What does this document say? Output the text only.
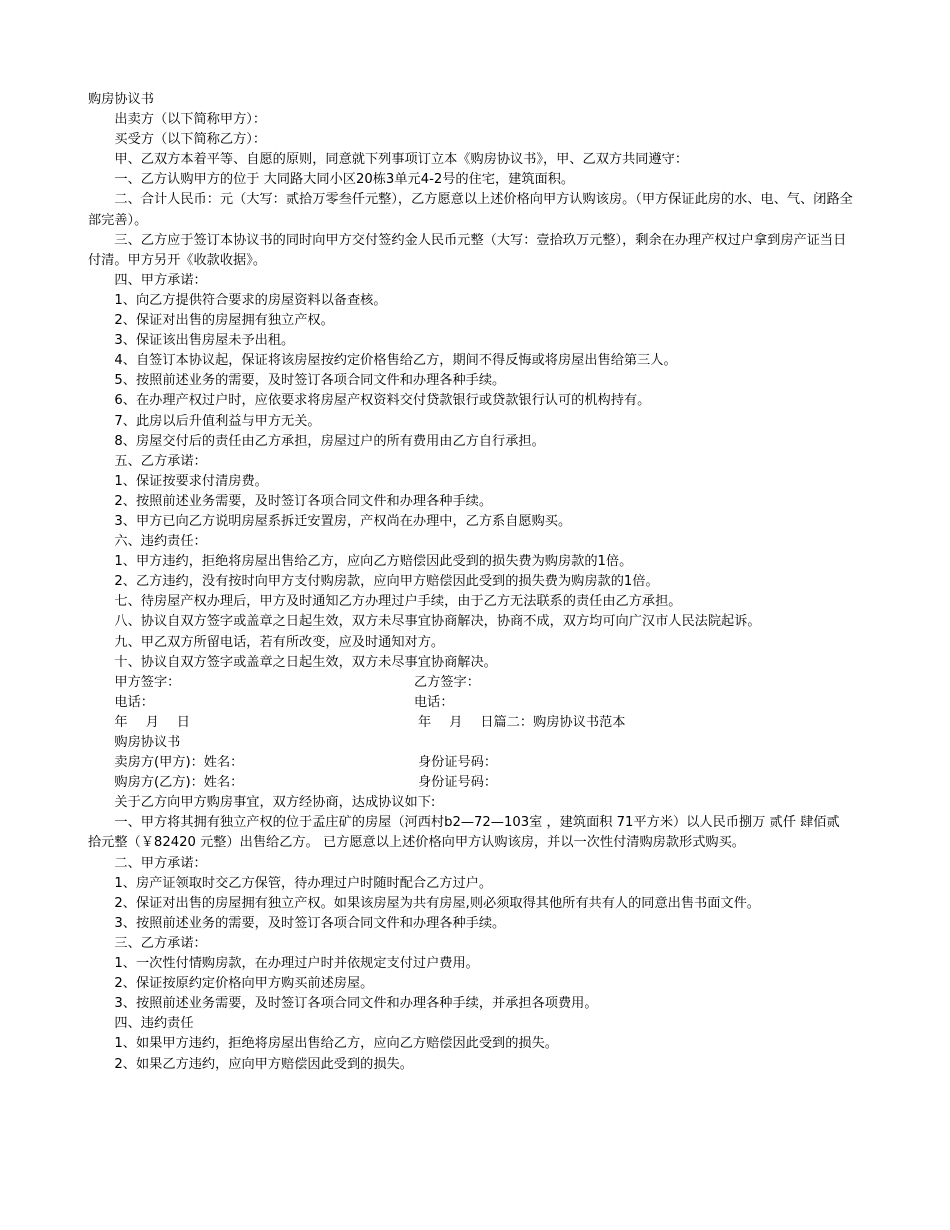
购房协议书

出卖方（以下简称甲方）：

买受方（以下简称乙方）：

甲、乙双方本着平等、自愿的原则，同意就下列事项订立本《购房协议书》，甲、乙双方共同遵守：

一、乙方认购甲方的位于 大同路大同小区20栋3单元4-2号的住宅，建筑面积。

二、合计人民币：元（大写：贰拾万零叁仟元整），乙方愿意以上述价格向甲方认购该房。（甲方保证此房的水、电、气、闭路全部完善）。

三、乙方应于签订本协议书的同时向甲方交付签约金人民币元整（大写：壹拾玖万元整），剩余在办理产权过户拿到房产证当日付清。甲方另开《收款收据》。

四、甲方承诺：

1、向乙方提供符合要求的房屋资料以备查核。

2、保证对出售的房屋拥有独立产权。

3、保证该出售房屋未予出租。

4、自签订本协议起，保证将该房屋按约定价格售给乙方，期间不得反悔或将房屋出售给第三人。

5、按照前述业务的需要，及时签订各项合同文件和办理各种手续。

6、在办理产权过户时，应依要求将房屋产权资料交付贷款银行或贷款银行认可的机构持有。

7、此房以后升值利益与甲方无关。

8、房屋交付后的责任由乙方承担，房屋过户的所有费用由乙方自行承担。

五、乙方承诺：

1、保证按要求付清房费。

2、按照前述业务需要，及时签订各项合同文件和办理各种手续。

3、甲方已向乙方说明房屋系拆迁安置房，产权尚在办理中，乙方系自愿购买。

六、违约责任：

1、甲方违约，拒绝将房屋出售给乙方，应向乙方赔偿因此受到的损失费为购房款的1倍。

2、乙方违约，没有按时向甲方支付购房款，应向甲方赔偿因此受到的损失费为购房款的1倍。

七、待房屋产权办理后，甲方及时通知乙方办理过户手续，由于乙方无法联系的责任由乙方承担。

八、协议自双方签字或盖章之日起生效，双方未尽事宜协商解决，协商不成，双方均可向广汉市人民法院起诉。

九、甲乙双方所留电话，若有所改变，应及时通知对方。

十、协议自双方签字或盖章之日起生效，双方未尽事宜协商解决。

甲方签字：	乙方签字：
电话：	电话：
年 月 日	年 月 日篇二：购房协议书范本

购房协议书

卖房方(甲方)：姓名：	身份证号码：
购房方(乙方)：姓名：	身份证号码：

关于乙方向甲方购房事宜，双方经协商，达成协议如下:

一、甲方将其拥有独立产权的位于孟庄矿的房屋（河西村b2—72—103室 ，建筑面积 71平方米）以人民币捌万 贰仟 肆佰贰 拾元整（￥82420 元整）出售给乙方。 已方愿意以上述价格向甲方认购该房，并以一次性付清购房款形式购买。

二、甲方承诺：

1、房产证领取时交乙方保管，待办理过户时随时配合乙方过户。

2、保证对出售的房屋拥有独立产权。如果该房屋为共有房屋,则必须取得其他所有共有人的同意出售书面文件。

3、按照前述业务的需要，及时签订各项合同文件和办理各种手续。

三、乙方承诺：

1、一次性付情购房款，在办理过户时并依规定支付过户费用。

2、保证按原约定价格向甲方购买前述房屋。

3、按照前述业务需要，及时签订各项合同文件和办理各种手续，并承担各项费用。

四、违约责任

1、如果甲方违约，拒绝将房屋出售给乙方，应向乙方赔偿因此受到的损失。

2、如果乙方违约，应向甲方赔偿因此受到的损失。
